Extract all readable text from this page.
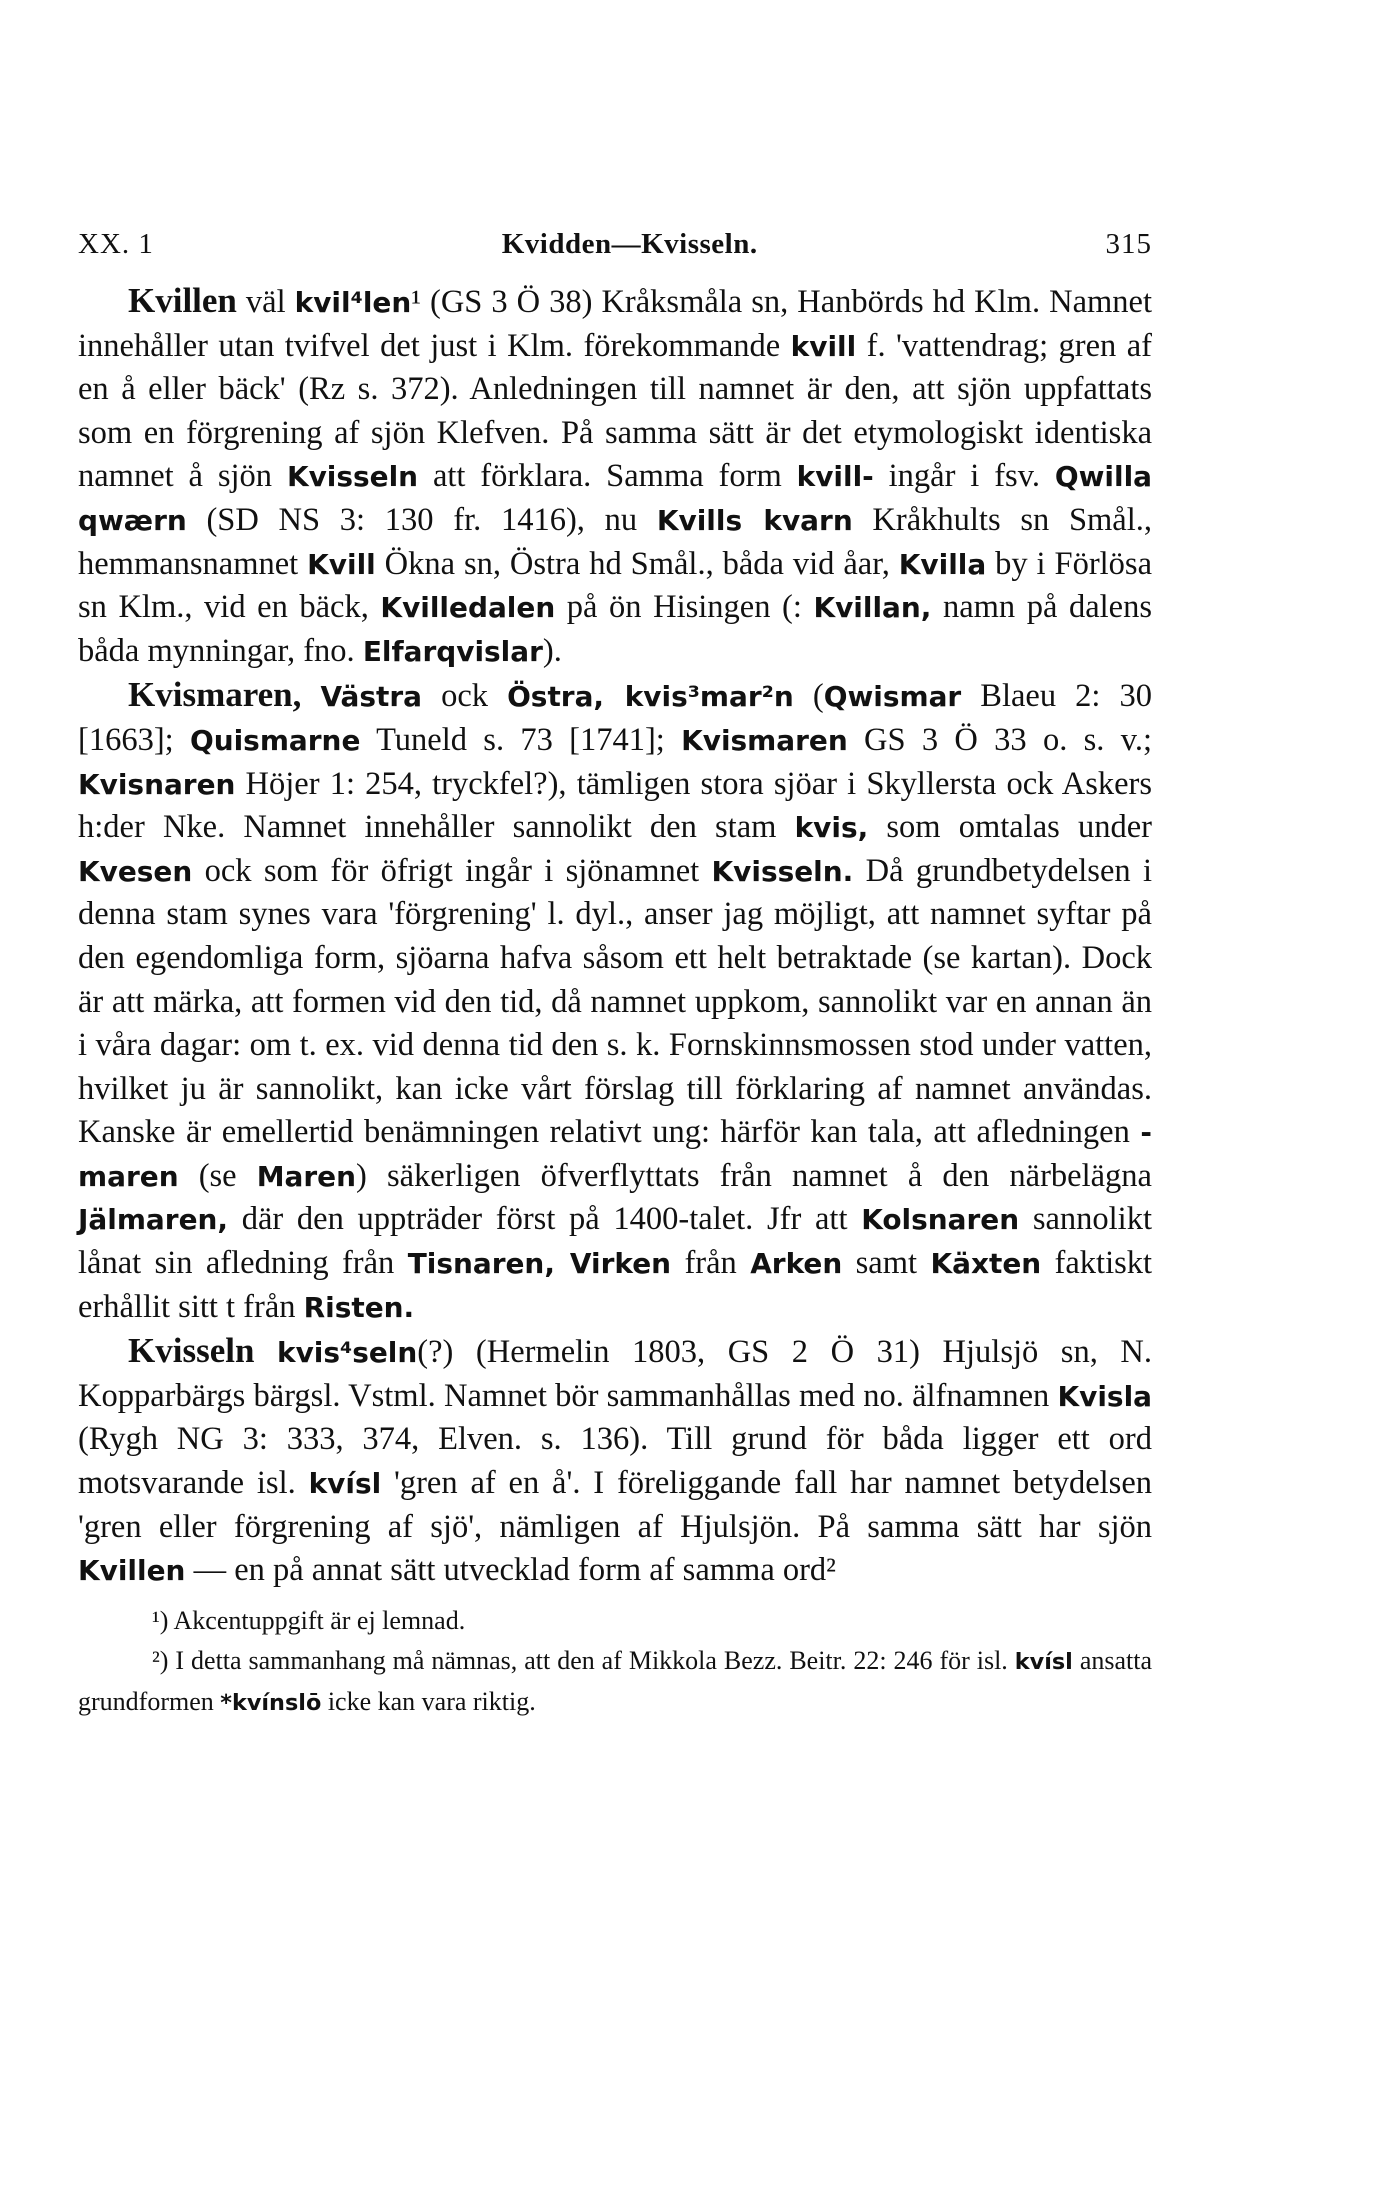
XX. 1	Kvidden—Kvisseln.	315

Kvillen väl kvil⁴len¹ (GS 3 Ö 38) Kråksmåla sn, Hanbörds hd Klm. Namnet innehåller utan tvifvel det just i Klm. förekommande kvill f. 'vattendrag; gren af en å eller bäck' (Rz s. 372). Anledningen till namnet är den, att sjön uppfattats som en förgrening af sjön Klefven. På samma sätt är det etymologiskt identiska namnet å sjön Kvisseln att förklara. Samma form kvill- ingår i fsv. Qwilla qwærn (SD NS 3: 130 fr. 1416), nu Kvills kvarn Kråkhults sn Smål., hemmansnamnet Kvill Ökna sn, Östra hd Smål., båda vid åar, Kvilla by i Förlösa sn Klm., vid en bäck, Kvilledalen på ön Hisingen (: Kvillan, namn på dalens båda mynningar, fno. Elfarqvislar).

Kvismaren, Västra ock Östra, kvis³mar²n (Qwismar Blaeu 2: 30 [1663]; Quismarne Tuneld s. 73 [1741]; Kvismaren GS 3 Ö 33 o. s. v.; Kvisnaren Höjer 1: 254, tryckfel?), tämligen stora sjöar i Skyllersta ock Askers h:der Nke. Namnet innehåller sannolikt den stam kvis, som omtalas under Kvesen ock som för öfrigt ingår i sjönamnet Kvisseln. Då grundbetydelsen i denna stam synes vara 'förgrening' l. dyl., anser jag möjligt, att namnet syftar på den egendomliga form, sjöarna hafva såsom ett helt betraktade (se kartan). Dock är att märka, att formen vid den tid, då namnet uppkom, sannolikt var en annan än i våra dagar: om t. ex. vid denna tid den s. k. Fornskinnsmossen stod under vatten, hvilket ju är sannolikt, kan icke vårt förslag till förklaring af namnet användas. Kanske är emellertid benämningen relativt ung: härför kan tala, att afledningen -maren (se Maren) säkerligen öfverflyttats från namnet å den närbelägna Jälmaren, där den uppträder först på 1400-talet. Jfr att Kolsnaren sannolikt lånat sin afledning från Tisnaren, Virken från Arken samt Käxten faktiskt erhållit sitt t från Risten.

Kvisseln kvis⁴seln(?) (Hermelin 1803, GS 2 Ö 31) Hjulsjö sn, N. Kopparbärgs bärgsl. Vstml. Namnet bör sammanhållas med no. älfnamnen Kvisla (Rygh NG 3: 333, 374, Elven. s. 136). Till grund för båda ligger ett ord motsvarande isl. kvísl 'gren af en å'. I föreliggande fall har namnet betydelsen 'gren eller förgrening af sjö', nämligen af Hjulsjön. På samma sätt har sjön Kvillen — en på annat sätt utvecklad form af samma ord²

¹) Akcentuppgift är ej lemnad.

²) I detta sammanhang må nämnas, att den af Mikkola Bezz. Beitr. 22: 246 för isl. kvísl ansatta grundformen *kvínslō icke kan vara riktig.
